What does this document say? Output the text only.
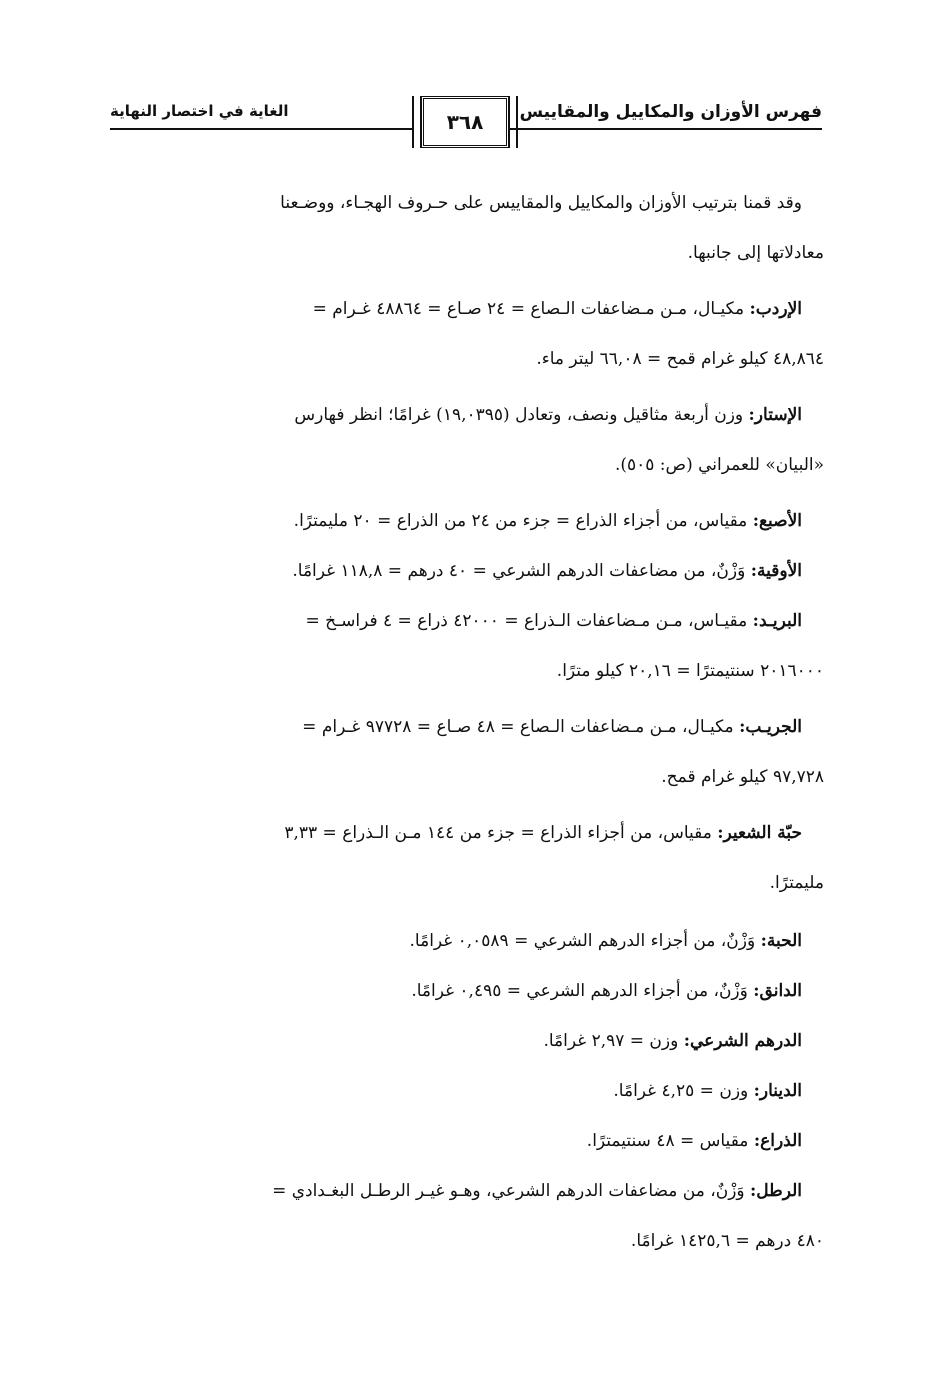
فهرس الأوزان والمكاييل والمقاييس
٣٦٨
الغاية في اختصار النهاية
وقد قمنا بترتيب الأوزان والمكاييل والمقاييس على حـروف الهجـاء، ووضـعنا
معادلاتها إلى جانبها.
الإردب: مكيـال، مـن مـضاعفات الـصاع = ٢٤ صـاع = ٤٨٨٦٤ غـرام =
٤٨,٨٦٤ كيلو غرام قمح = ٦٦,٠٨ ليتر ماء.
الإستار: وزن أربعة مثاقيل ونصف، وتعادل (١٩,٠٣٩٥) غرامًا؛ انظر فهارس
«البيان» للعمراني (ص: ٥٠٥).
الأصبع: مقياس، من أجزاء الذراع = جزء من ٢٤ من الذراع = ٢٠ مليمترًا.
الأوقية: وَزْنٌ، من مضاعفات الدرهم الشرعي = ٤٠ درهم = ١١٨,٨ غرامًا.
البريـد: مقيـاس، مـن مـضاعفات الـذراع = ٤٢٠٠٠ ذراع = ٤ فراسـخ =
٢٠١٦٠٠٠ سنتيمترًا = ٢٠,١٦ كيلو مترًا.
الجريـب: مكيـال، مـن مـضاعفات الـصاع = ٤٨ صـاع = ٩٧٧٢٨ غـرام =
٩٧,٧٢٨ كيلو غرام قمح.
حبّة الشعير: مقياس، من أجزاء الذراع = جزء من ١٤٤ مـن الـذراع = ٣,٣٣
مليمترًا.
الحبة: وَزْنٌ، من أجزاء الدرهم الشرعي = ٠,٠٥٨٩ غرامًا.
الدانق: وَزْنٌ، من أجزاء الدرهم الشرعي = ٠,٤٩٥ غرامًا.
الدرهم الشرعي: وزن = ٢,٩٧ غرامًا.
الدينار: وزن = ٤,٢٥ غرامًا.
الذراع: مقياس = ٤٨ سنتيمترًا.
الرطل: وَزْنٌ، من مضاعفات الدرهم الشرعي، وهـو غيـر الرطـل البغـدادي =
٤٨٠ درهم = ١٤٢٥,٦ غرامًا.
